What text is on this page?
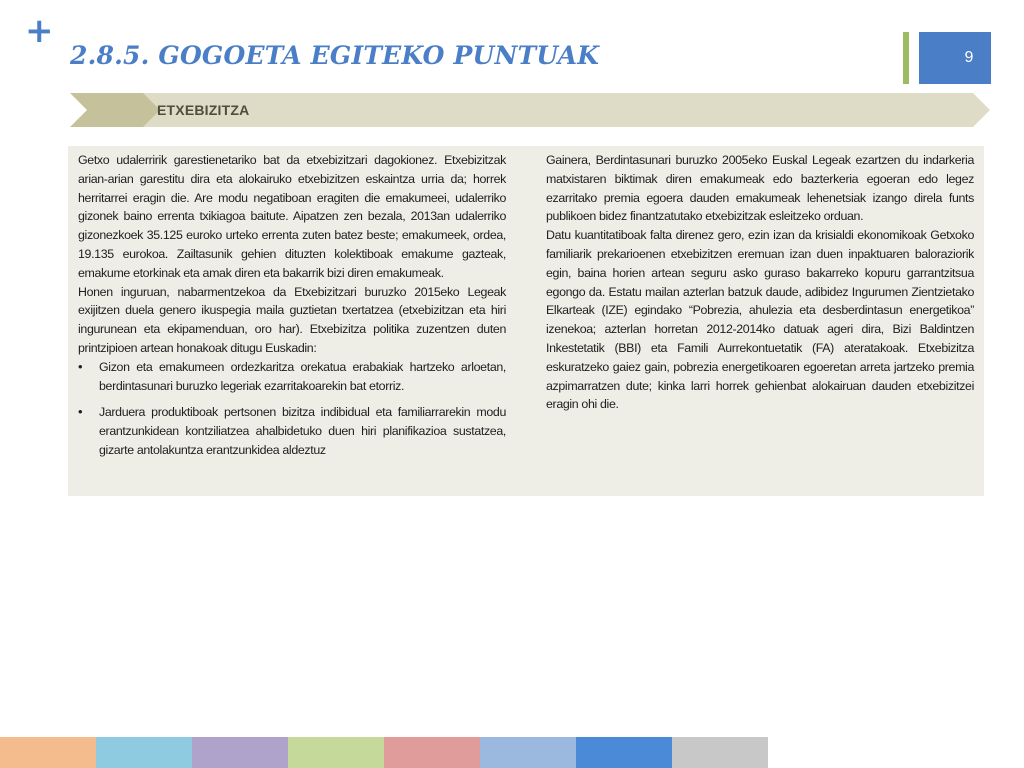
+
2.8.5. GOGOETA EGITEKO PUNTUAK	9
ETXEBIZITZA

Getxo udalerririk garestienetariko bat da etxebizitzari dagokionez. Etxebizitzak arian-arian garestitu dira eta alokairuko etxebizitzen eskaintza urria da; horrek herritarrei eragin die. Are modu negatiboan eragiten die emakumeei, udalerriko gizonek baino errenta txikiagoa baitute. Aipatzen zen bezala, 2013an udalerriko gizonezkoek 35.125 euroko urteko errenta zuten batez beste; emakumeek, ordea, 19.135 eurokoa. Zailtasunik gehien dituzten kolektiboak emakume gazteak, emakume etorkinak eta amak diren eta bakarrik bizi diren emakumeak.

Honen inguruan, nabarmentzekoa da Etxebizitzari buruzko 2015eko Legeak exijitzen duela genero ikuspegia maila guztietan txertatzea (etxebizitzan eta hiri ingurunean eta ekipamenduan, oro har). Etxebizitza politika zuzentzen duten printzipioen artean honakoak ditugu Euskadin:

• Gizon eta emakumeen ordezkaritza orekatua erabakiak hartzeko arloetan, berdintasunari buruzko legeriak ezarritakoarekin bat etorriz.
• Jarduera produktiboak pertsonen bizitza indibidual eta familiarrarekin modu erantzunkidean kontziliatzea ahalbidetuko duen hiri planifikazioa sustatzea, gizarte antolakuntza erantzunkidea aldeztuz

Gainera, Berdintasunari buruzko 2005eko Euskal Legeak ezartzen du indarkeria matxistaren biktimak diren emakumeak edo bazterkeria egoeran edo legez ezarritako premia egoera dauden emakumeak lehenetsiak izango direla funts publikoen bidez finantzatutako etxebizitzak esleitzeko orduan.

Datu kuantitatiboak falta direnez gero, ezin izan da krisialdi ekonomikoak Getxoko familiarik prekarioenen etxebizitzen eremuan izan duen inpaktuaren baloraziorik egin, baina horien artean seguru asko guraso bakarreko kopuru garrantzitsua egongo da. Estatu mailan azterlan batzuk daude, adibidez Ingurumen Zientzietako Elkarteak (IZE) egindako “Pobrezia, ahulezia eta desberdintasun energetikoa” izenekoa; azterlan horretan 2012-2014ko datuak ageri dira, Bizi Baldintzen Inkestetatik (BBI) eta Famili Aurrekontuetatik (FA) ateratakoak. Etxebizitza eskuratzeko gaiez gain, pobrezia energetikoaren egoeretan arreta jartzeko premia azpimarratzen dute; kinka larri horrek gehienbat alokairuan dauden etxebizitzei eragin ohi die.
